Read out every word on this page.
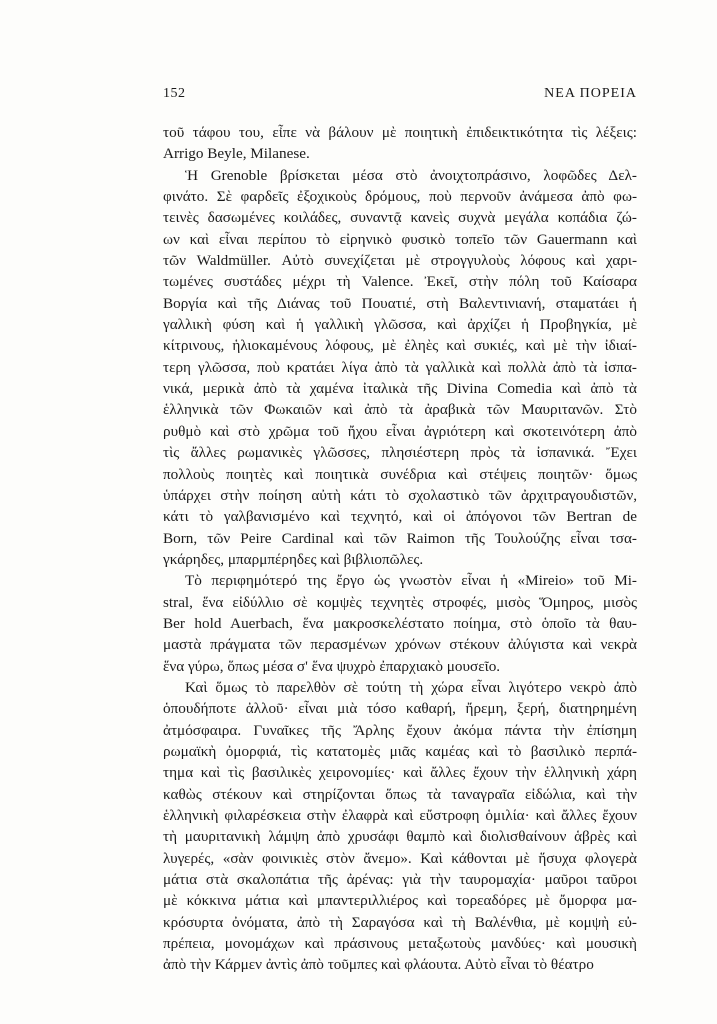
152	ΝΕΑ ΠΟΡΕΙΑ

τοῦ τάφου του, εἶπε νὰ βάλουν μὲ ποιητικὴ ἐπιδεικτικότητα τὶς λέξεις:
Arrigo Beyle, Milanese.

Ἡ Grenoble βρίσκεται μέσα στὸ ἀνοιχτοπράσινο, λοφῶδες Δελ-
φινάτο. Σὲ φαρδεῖς ἐξοχικοὺς δρόμους, ποὺ περνοῦν ἀνάμεσα ἀπὸ φω-
τεινὲς δασωμένες κοιλάδες, συναντᾷ κανεὶς συχνὰ μεγάλα κοπάδια ζώ-
ων καὶ εἶναι περίπου τὸ εἰρηνικὸ φυσικὸ τοπεῖο τῶν Gauermann καὶ
τῶν Waldmüller. Αὐτὸ συνεχίζεται μὲ στρογγυλοὺς λόφους καὶ χαρι-
τωμένες συστάδες μέχρι τὴ Valence. Ἐκεῖ, στὴν πόλη τοῦ Καίσαρα
Βοργία καὶ τῆς Διάνας τοῦ Πουατιέ, στὴ Βαλεντινιανή, σταματάει ἡ
γαλλικὴ φύση καὶ ἡ γαλλικὴ γλῶσσα, καὶ ἀρχίζει ἡ Προβηγκία, μὲ
κίτρινους, ἡλιοκαμένους λόφους, μὲ ἐληὲς καὶ συκιές, καὶ μὲ τὴν ἰδιαί-
τερη γλῶσσα, ποὺ κρατάει λίγα ἀπὸ τὰ γαλλικὰ καὶ πολλὰ ἀπὸ τὰ ἰσπα-
νικά, μερικὰ ἀπὸ τὰ χαμένα ἰταλικὰ τῆς Divina Comedia καὶ ἀπὸ τὰ
ἑλληνικὰ τῶν Φωκαιῶν καὶ ἀπὸ τὰ ἀραβικὰ τῶν Μαυριτανῶν. Στὸ
ρυθμὸ καὶ στὸ χρῶμα τοῦ ἤχου εἶναι ἀγριότερη καὶ σκοτεινότερη ἀπὸ
τὶς ἄλλες ρωμανικὲς γλῶσσες, πλησιέστερη πρὸς τὰ ἰσπανικά. Ἔχει
πολλοὺς ποιητὲς καὶ ποιητικὰ συνέδρια καὶ στέψεις ποιητῶν· ὅμως
ὑπάρχει στὴν ποίηση αὐτὴ κάτι τὸ σχολαστικὸ τῶν ἀρχιτραγουδιστῶν,
κάτι τὸ γαλβανισμένο καὶ τεχνητό, καὶ οἱ ἀπόγονοι τῶν Bertran de
Born, τῶν Peire Cardinal καὶ τῶν Raimon τῆς Τουλούζης εἶναι τσα-
γκάρηδες, μπαρμπέρηδες καὶ βιβλιοπῶλες.

Τὸ περιφημότερό της ἔργο ὡς γνωστὸν εἶναι ἡ «Mireio» τοῦ Mi-
stral, ἕνα εἰδύλλιο σὲ κομψὲς τεχνητὲς στροφές, μισὸς Ὅμηρος, μισὸς
Ber hold Auerbach, ἕνα μακροσκελέστατο ποίημα, στὸ ὁποῖο τὰ θαυ-
μαστὰ πράγματα τῶν περασμένων χρόνων στέκουν ἀλύγιστα καὶ νεκρὰ
ἕνα γύρω, ὅπως μέσα σ' ἕνα ψυχρὸ ἐπαρχιακὸ μουσεῖο.

Καὶ ὅμως τὸ παρελθὸν σὲ τούτη τὴ χώρα εἶναι λιγότερο νεκρὸ ἀπὸ
ὁπουδήποτε ἀλλοῦ· εἶναι μιὰ τόσο καθαρή, ἤρεμη, ξερή, διατηρημένη
ἀτμόσφαιρα. Γυναῖκες τῆς Ἄρλης ἔχουν ἀκόμα πάντα τὴν ἐπίσημη
ρωμαϊκὴ ὀμορφιά, τὶς κατατομὲς μιᾶς καμέας καὶ τὸ βασιλικὸ περπά-
τημα καὶ τὶς βασιλικὲς χειρονομίες· καὶ ἄλλες ἔχουν τὴν ἑλληνικὴ χάρη
καθὼς στέκουν καὶ στηρίζονται ὅπως τὰ ταναγραῖα εἰδώλια, καὶ τὴν
ἑλληνικὴ φιλαρέσκεια στὴν ἐλαφρὰ καὶ εὔστροφη ὁμιλία· καὶ ἄλλες ἔχουν
τὴ μαυριτανικὴ λάμψη ἀπὸ χρυσάφι θαμπὸ καὶ διολισθαίνουν ἁβρὲς καὶ
λυγερές, «σὰν φοινικιὲς στὸν ἄνεμο». Καὶ κάθονται μὲ ἥσυχα φλογερὰ
μάτια στὰ σκαλοπάτια τῆς ἀρένας: γιὰ τὴν ταυρομαχία· μαῦροι ταῦροι
μὲ κόκκινα μάτια καὶ μπαντεριλλιέρος καὶ τορεαδόρες μὲ ὄμορφα μα-
κρόσυρτα ὀνόματα, ἀπὸ τὴ Σαραγόσα καὶ τὴ Βαλένθια, μὲ κομψὴ εὐ-
πρέπεια, μονομάχων καὶ πράσινους μεταξωτοὺς μανδύες· καὶ μουσικὴ
ἀπὸ τὴν Κάρμεν ἀντὶς ἀπὸ τοῦμπες καὶ φλάουτα. Αὐτὸ εἶναι τὸ θέατρο
